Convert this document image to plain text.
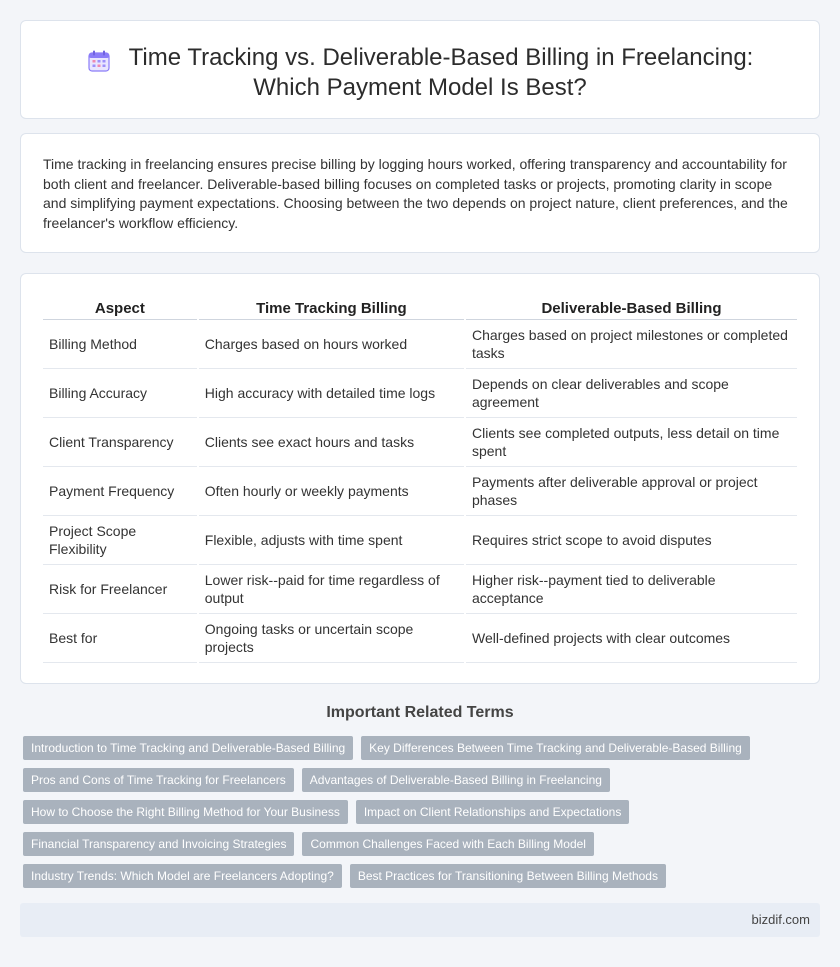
Time Tracking vs. Deliverable-Based Billing in Freelancing: Which Payment Model Is Best?

Time tracking in freelancing ensures precise billing by logging hours worked, offering transparency and accountability for both client and freelancer. Deliverable-based billing focuses on completed tasks or projects, promoting clarity in scope and simplifying payment expectations. Choosing between the two depends on project nature, client preferences, and the freelancer's workflow efficiency.

Aspect	Time Tracking Billing	Deliverable-Based Billing
Billing Method	Charges based on hours worked	Charges based on project milestones or completed tasks
Billing Accuracy	High accuracy with detailed time logs	Depends on clear deliverables and scope agreement
Client Transparency	Clients see exact hours and tasks	Clients see completed outputs, less detail on time spent
Payment Frequency	Often hourly or weekly payments	Payments after deliverable approval or project phases
Project Scope Flexibility	Flexible, adjusts with time spent	Requires strict scope to avoid disputes
Risk for Freelancer	Lower risk--paid for time regardless of output	Higher risk--payment tied to deliverable acceptance
Best for	Ongoing tasks or uncertain scope projects	Well-defined projects with clear outcomes
Important Related Terms
Introduction to Time Tracking and Deliverable-Based Billing	Key Differences Between Time Tracking and Deliverable-Based Billing
Pros and Cons of Time Tracking for Freelancers	Advantages of Deliverable-Based Billing in Freelancing
How to Choose the Right Billing Method for Your Business	Impact on Client Relationships and Expectations
Financial Transparency and Invoicing Strategies	Common Challenges Faced with Each Billing Model
Industry Trends: Which Model are Freelancers Adopting?	Best Practices for Transitioning Between Billing Methods
bizdif.com
